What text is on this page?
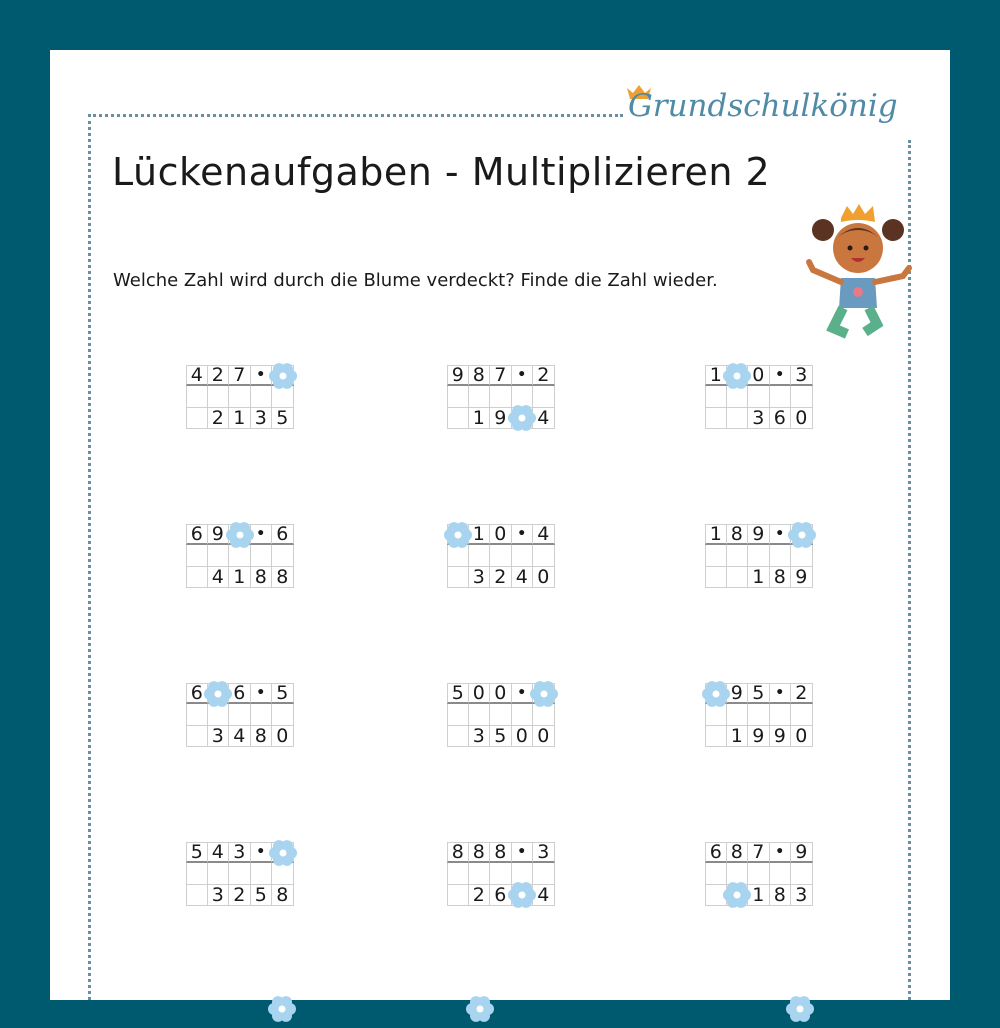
Grundschulkönig
Lückenaufgaben - Multiplizieren 2
Welche Zahl wird durch die Blume verdeckt? Finde die Zahl wieder.
4 2 7 •
2 1 3 5
9 8 7 • 2
1 9 4
1 0 • 3
3 6 0
6 9	• 6
4 1 8 8
1 0 • 4
3 2 4 0
1 8 9 •
1 8 9
6 6 • 5
3 4 8 0
5 0 0 •
3 5 0 0
9 5 • 2
1 9 9 0
5 4 3 •
3 2 5 8
8 8 8 • 3
2 6 4
6 8 7 • 9
1 8 3
